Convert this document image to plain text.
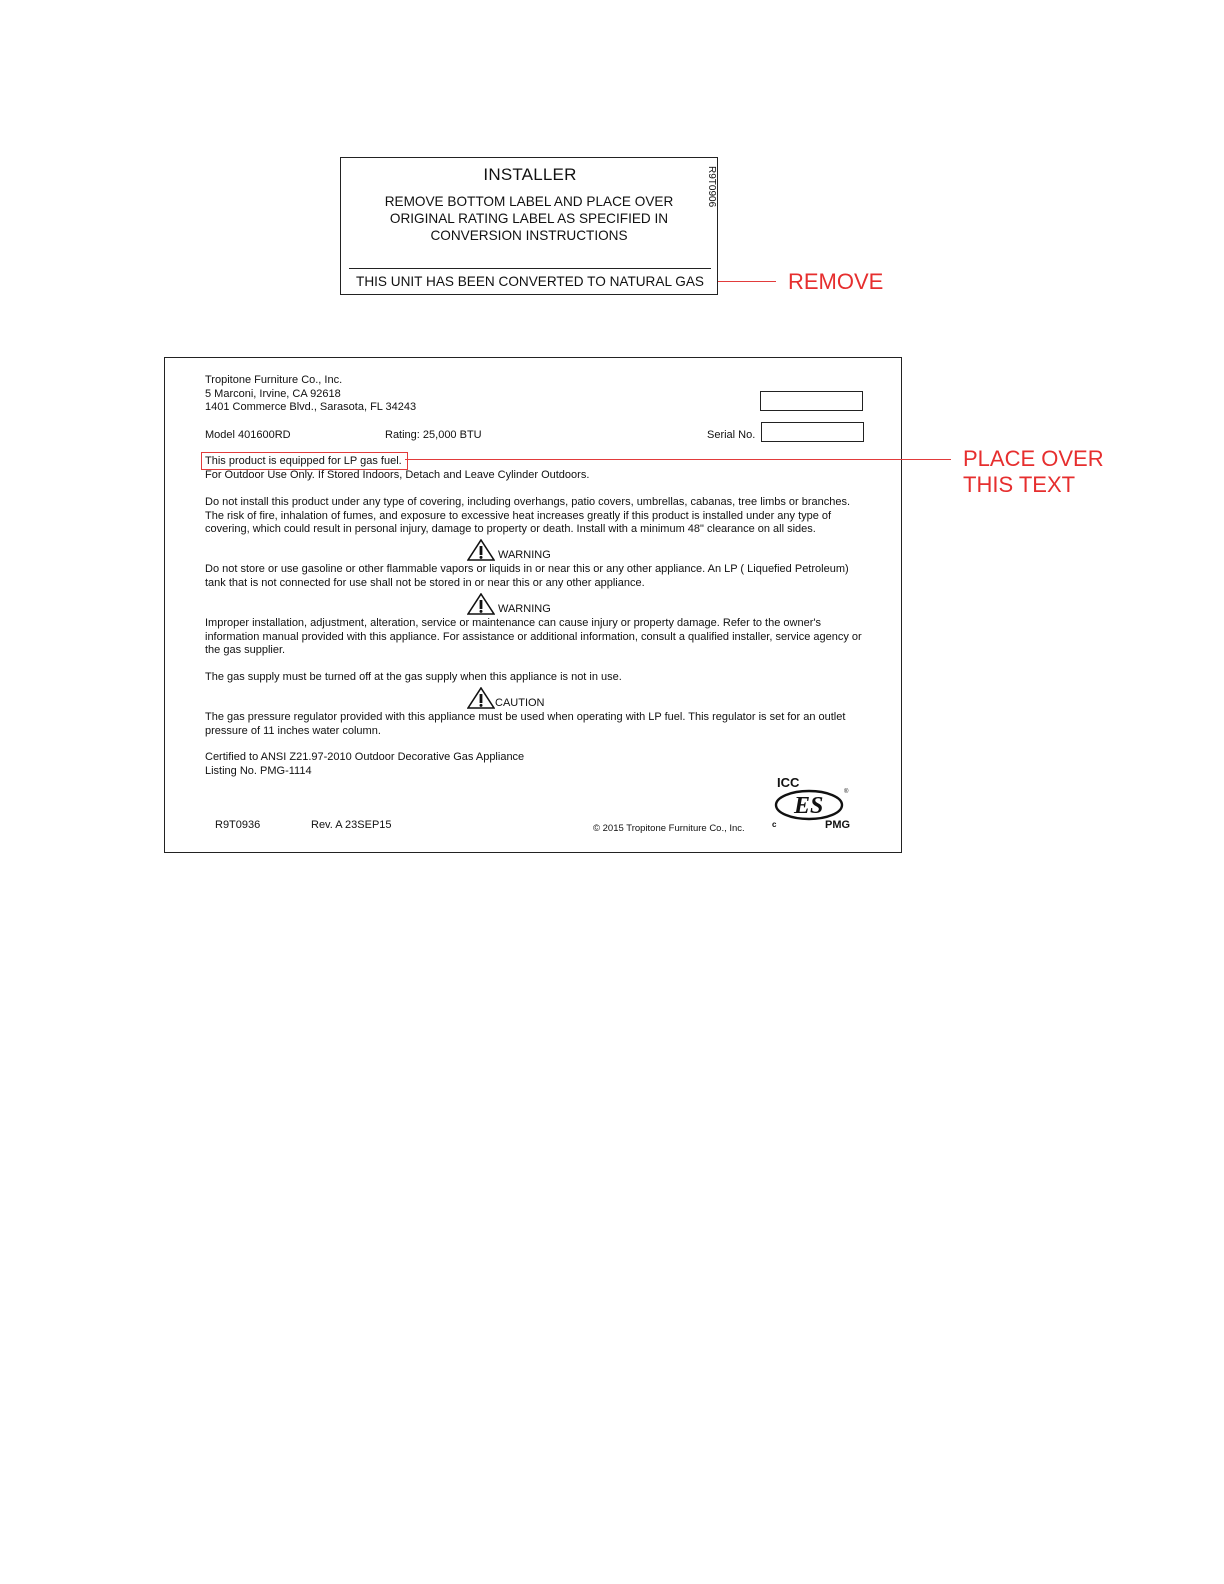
INSTALLER
REMOVE BOTTOM LABEL AND PLACE OVER
ORIGINAL RATING LABEL AS SPECIFIED IN
CONVERSION INSTRUCTIONS
R9T0906
THIS UNIT HAS BEEN CONVERTED TO NATURAL GAS	REMOVE
Tropitone Furniture Co., Inc.
5 Marconi, Irvine, CA 92618
1401 Commerce Blvd., Sarasota, FL 34243
Model 401600RD	Rating: 25,000 BTU	Serial No.
This product is equipped for LP gas fuel.
For Outdoor Use Only. If Stored Indoors, Detach and Leave Cylinder Outdoors.
Do not install this product under any type of covering, including overhangs, patio covers, umbrellas, cabanas, tree limbs or branches.
The risk of fire, inhalation of fumes, and exposure to excessive heat increases greatly if this product is installed under any type of
covering, which could result in personal injury, damage to property or death. Install with a minimum 48" clearance on all sides.
WARNING
Do not store or use gasoline or other flammable vapors or liquids in or near this or any other appliance. An LP ( Liquefied Petroleum)
tank that is not connected for use shall not be stored in or near this or any other appliance.
WARNING
Improper installation, adjustment, alteration, service or maintenance can cause injury or property damage. Refer to the owner's
information manual provided with this appliance. For assistance or additional information, consult a qualified installer, service agency or
the gas supplier.
The gas supply must be turned off at the gas supply when this appliance is not in use.
CAUTION
The gas pressure regulator provided with this appliance must be used when operating with LP fuel. This regulator is set for an outlet
pressure of 11 inches water column.
Certified to ANSI Z21.97-2010 Outdoor Decorative Gas Appliance
Listing No. PMG-1114
ICC
ES
®
c	PMG
R9T0936	Rev. A 23SEP15	© 2015 Tropitone Furniture Co., Inc.
PLACE OVER
THIS TEXT
